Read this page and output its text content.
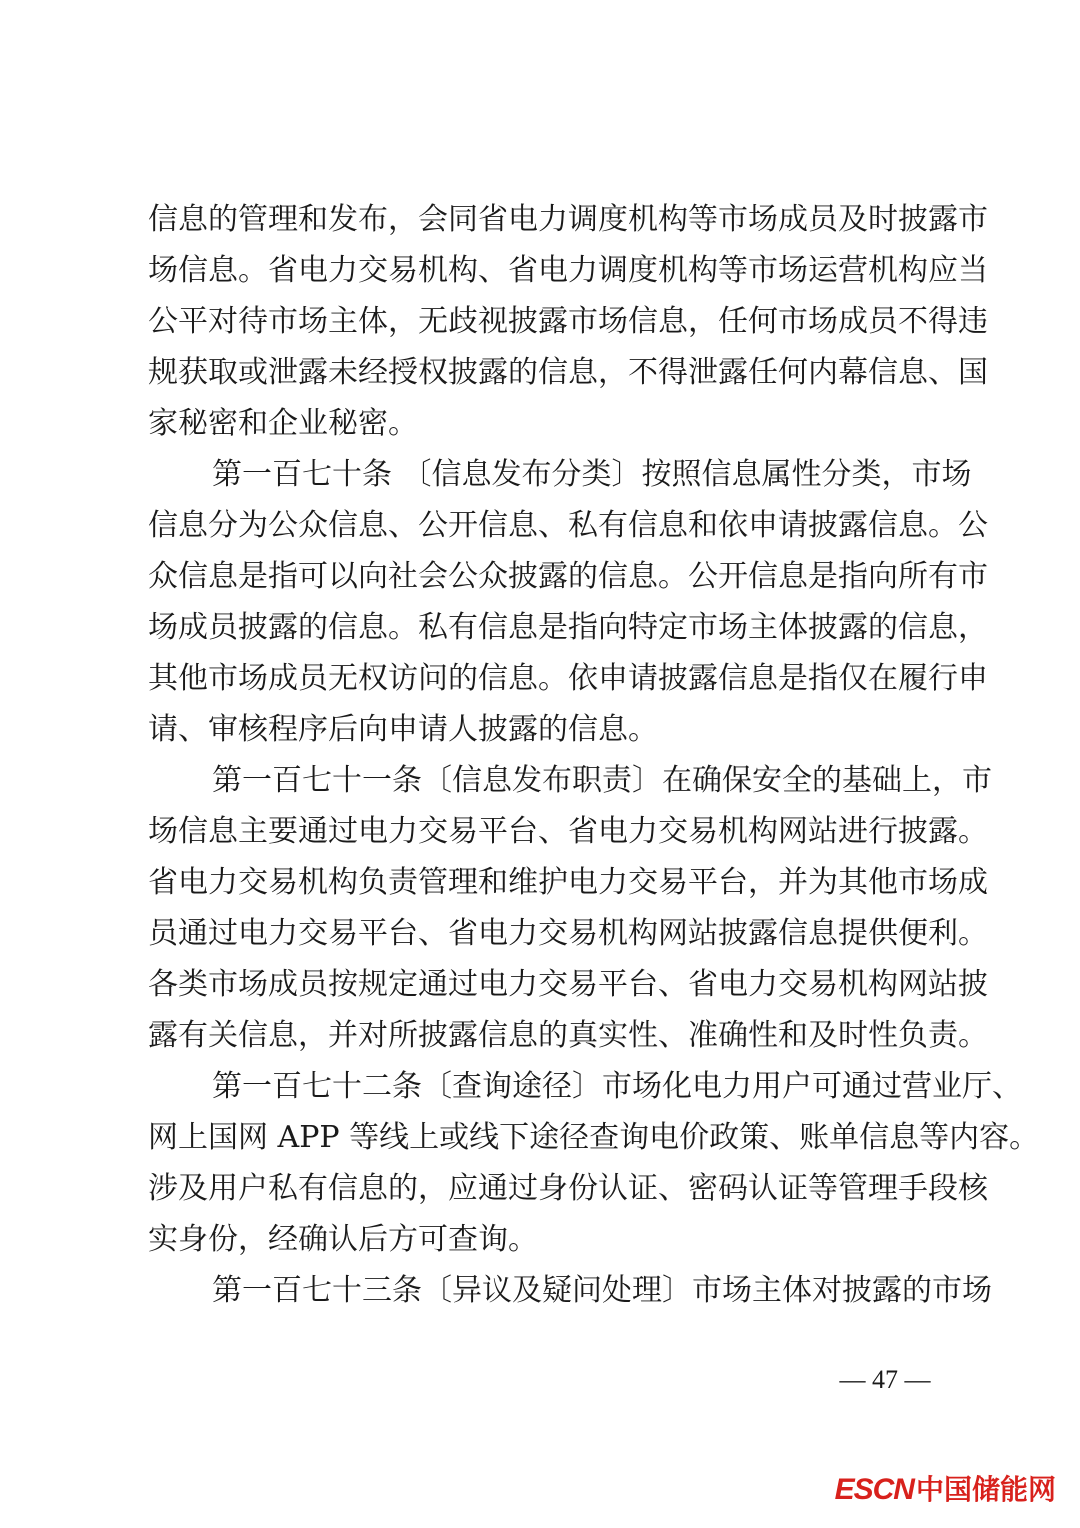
信息的管理和发布，会同省电力调度机构等市场成员及时披露市
场信息。省电力交易机构、省电力调度机构等市场运营机构应当
公平对待市场主体，无歧视披露市场信息，任何市场成员不得违
规获取或泄露未经授权披露的信息，不得泄露任何内幕信息、国
家秘密和企业秘密。
第一百七十条 〔信息发布分类〕按照信息属性分类，市场
信息分为公众信息、公开信息、私有信息和依申请披露信息。公
众信息是指可以向社会公众披露的信息。公开信息是指向所有市
场成员披露的信息。私有信息是指向特定市场主体披露的信息，
其他市场成员无权访问的信息。依申请披露信息是指仅在履行申
请、审核程序后向申请人披露的信息。
第一百七十一条〔信息发布职责〕在确保安全的基础上，市
场信息主要通过电力交易平台、省电力交易机构网站进行披露。
省电力交易机构负责管理和维护电力交易平台，并为其他市场成
员通过电力交易平台、省电力交易机构网站披露信息提供便利。
各类市场成员按规定通过电力交易平台、省电力交易机构网站披
露有关信息，并对所披露信息的真实性、准确性和及时性负责。
第一百七十二条〔查询途径〕市场化电力用户可通过营业厅、
网上国网 APP 等线上或线下途径查询电价政策、账单信息等内容。
涉及用户私有信息的，应通过身份认证、密码认证等管理手段核
实身份，经确认后方可查询。
第一百七十三条〔异议及疑问处理〕市场主体对披露的市场
— 47 —
ESCN中国储能网
